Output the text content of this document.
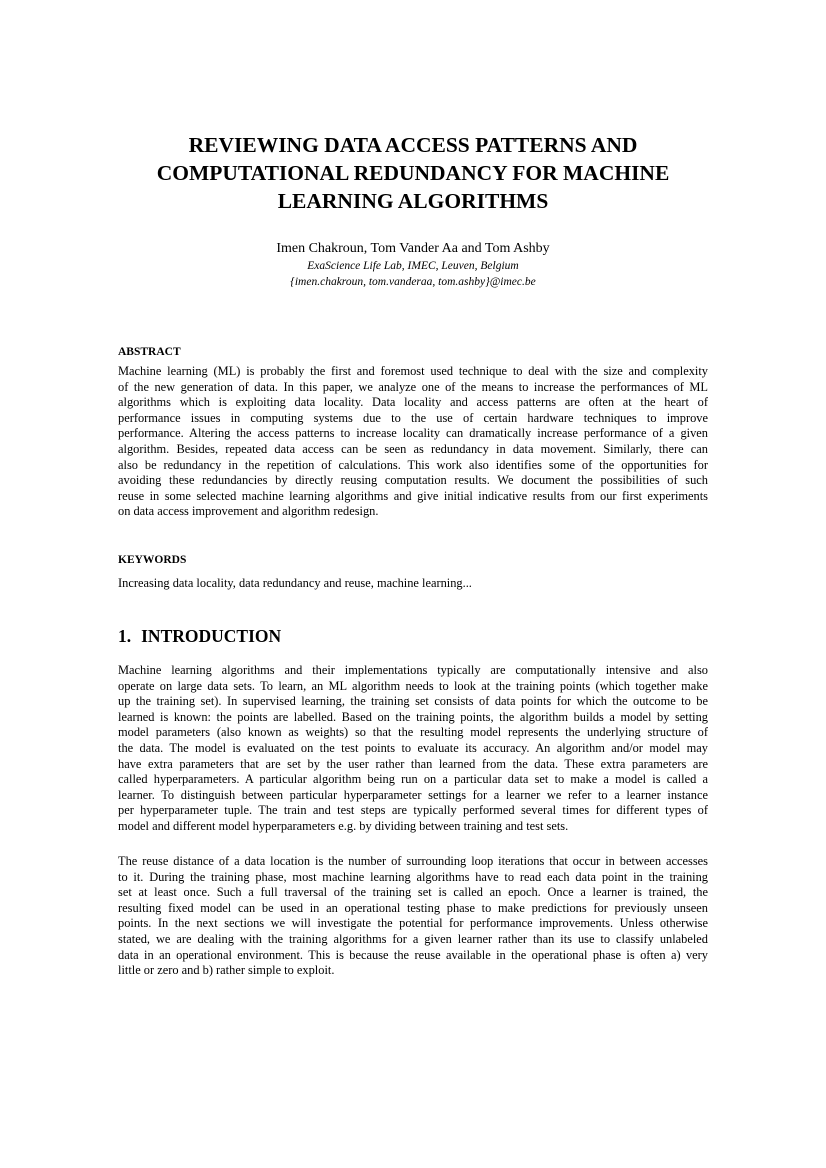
REVIEWING DATA ACCESS PATTERNS AND
COMPUTATIONAL REDUNDANCY FOR MACHINE
LEARNING ALGORITHMS
Imen Chakroun, Tom Vander Aa and Tom Ashby
ExaScience Life Lab, IMEC, Leuven, Belgium
{imen.chakroun, tom.vanderaa, tom.ashby}@imec.be
ABSTRACT
Machine learning (ML) is probably the first and foremost used technique to deal with the size and complexity
of the new generation of data. In this paper, we analyze one of the means to increase the performances of ML
algorithms which is exploiting data locality. Data locality and access patterns are often at the heart of
performance issues in computing systems due to the use of certain hardware techniques to improve
performance. Altering the access patterns to increase locality can dramatically increase performance of a given
algorithm. Besides, repeated data access can be seen as redundancy in data movement. Similarly, there can
also be redundancy in the repetition of calculations. This work also identifies some of the opportunities for
avoiding these redundancies by directly reusing computation results. We document the possibilities of such
reuse in some selected machine learning algorithms and give initial indicative results from our first experiments
on data access improvement and algorithm redesign.
KEYWORDS

Increasing data locality, data redundancy and reuse, machine learning...

1. INTRODUCTION
Machine learning algorithms and their implementations typically are computationally intensive and also
operate on large data sets. To learn, an ML algorithm needs to look at the training points (which together make
up the training set). In supervised learning, the training set consists of data points for which the outcome to be
learned is known: the points are labelled. Based on the training points, the algorithm builds a model by setting
model parameters (also known as weights) so that the resulting model represents the underlying structure of
the data. The model is evaluated on the test points to evaluate its accuracy. An algorithm and/or model may
have extra parameters that are set by the user rather than learned from the data. These extra parameters are
called hyperparameters. A particular algorithm being run on a particular data set to make a model is called a
learner. To distinguish between particular hyperparameter settings for a learner we refer to a learner instance
per hyperparameter tuple. The train and test steps are typically performed several times for different types of
model and different model hyperparameters e.g. by dividing between training and test sets.
The reuse distance of a data location is the number of surrounding loop iterations that occur in between accesses
to it. During the training phase, most machine learning algorithms have to read each data point in the training
set at least once. Such a full traversal of the training set is called an epoch. Once a learner is trained, the
resulting fixed model can be used in an operational testing phase to make predictions for previously unseen
points. In the next sections we will investigate the potential for performance improvements. Unless otherwise
stated, we are dealing with the training algorithms for a given learner rather than its use to classify unlabeled
data in an operational environment. This is because the reuse available in the operational phase is often a) very
little or zero and b) rather simple to exploit.
